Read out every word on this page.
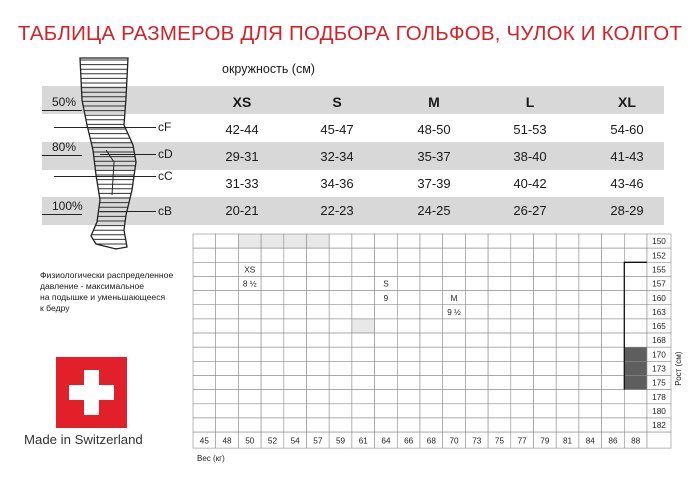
ТАБЛИЦА РАЗМЕРОВ ДЛЯ ПОДБОРА ГОЛЬФОВ, ЧУЛОК И КОЛГОТ
окружность (см)
XS	S	M	L	XL
42-44	45-47	48-50	51-53	54-60
29-31	32-34	35-37	38-40	41-43
31-33	34-36	37-39	40-42	43-46
20-21	22-23	24-25	26-27	28-29
50%
80%
100%
cF
cD
cC
cB
Физиологически распределенное
давление - максимальное
на подышке и уменьшающееся
к бедру
Made in Switzerland
150
152
155
157
160
163
165
168
170
173
175
178
180
182
45 48 50 52 54 57 59 61 64 66 68 70 73 75 77 79 81 84 86 88
XS
8 ½	S
9	M
9 ½
Вес (кг)
Рост (см)
